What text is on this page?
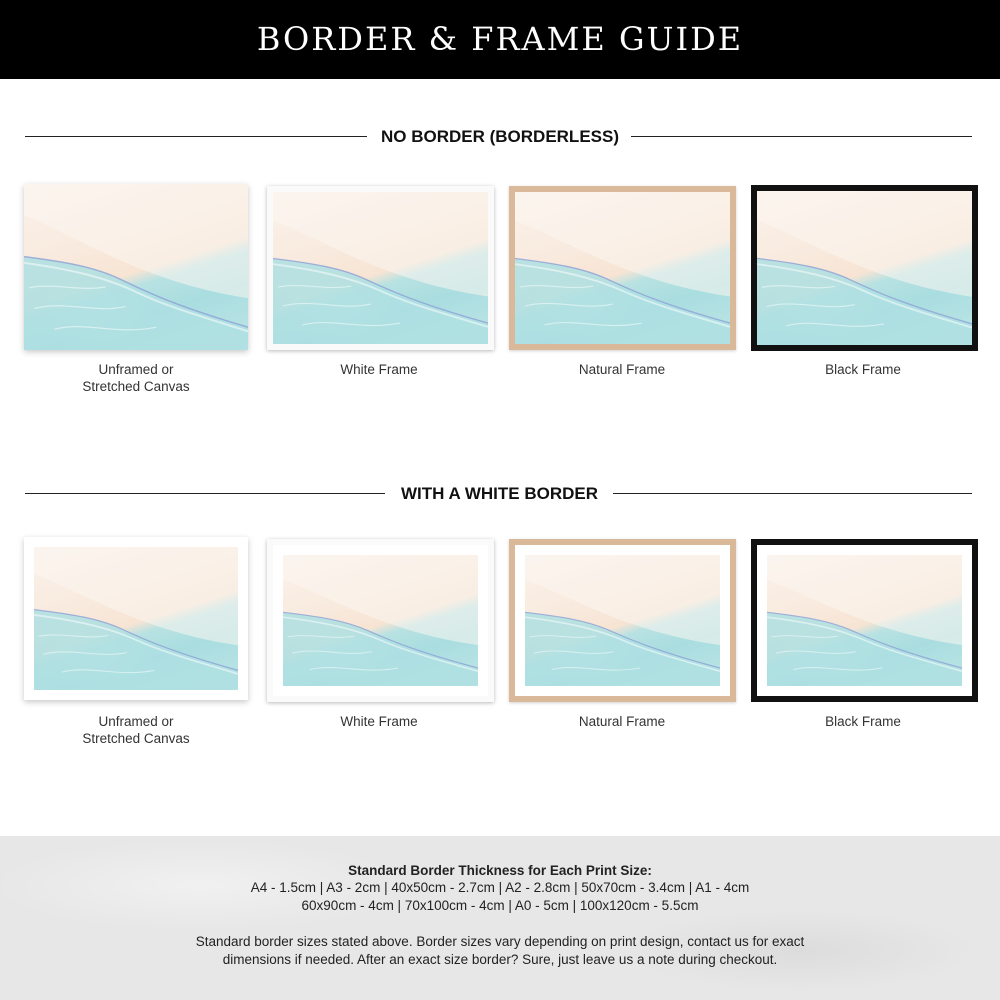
BORDER & FRAME GUIDE
NO BORDER (BORDERLESS)
Unframed or
Stretched Canvas
White Frame	Natural Frame	Black Frame
WITH A WHITE BORDER
Unframed or
Stretched Canvas
White Frame	Natural Frame	Black Frame
Standard Border Thickness for Each Print Size:
A4 - 1.5cm | A3 - 2cm | 40x50cm - 2.7cm | A2 - 2.8cm | 50x70cm - 3.4cm | A1 - 4cm
60x90cm - 4cm | 70x100cm - 4cm | A0 - 5cm | 100x120cm - 5.5cm
Standard border sizes stated above. Border sizes vary depending on print design, contact us for exact
dimensions if needed. After an exact size border? Sure, just leave us a note during checkout.
